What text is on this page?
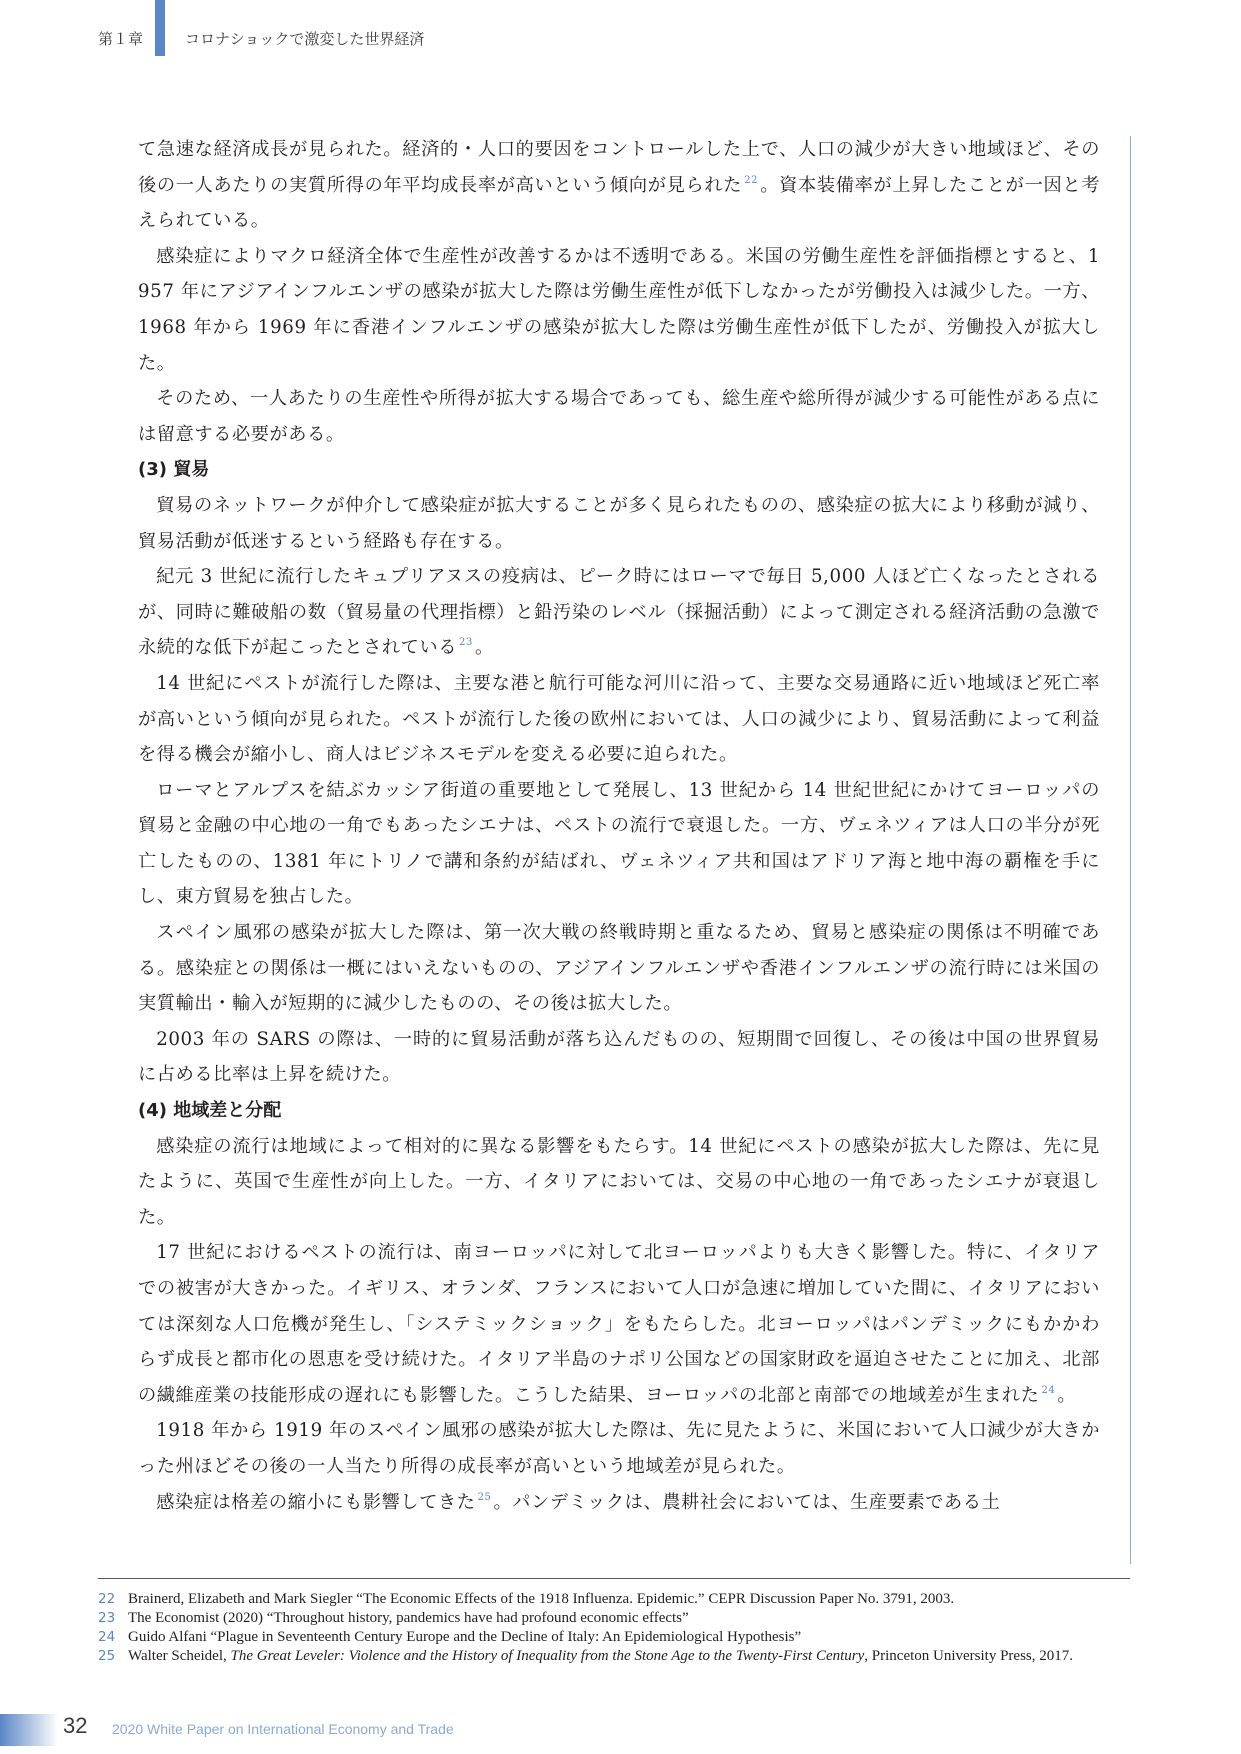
第１章	コロナショックで激変した世界経済

て急速な経済成長が見られた。経済的・人口的要因をコントロールした上で、人口の減少が大きい地域ほど、その後の一人あたりの実質所得の年平均成長率が高いという傾向が見られた $^{22}$ 。資本装備率が上昇したことが一因と考えられている。

感染症によりマクロ経済全体で生産性が改善するかは不透明である。米国の労働生産性を評価指標とすると、1957 年にアジアインフルエンザの感染が拡大した際は労働生産性が低下しなかったが労働投入は減少した。一方、1968 年から 1969 年に香港インフルエンザの感染が拡大した際は労働生産性が低下したが、労働投入が拡大した。

そのため、一人あたりの生産性や所得が拡大する場合であっても、総生産や総所得が減少する可能性がある点には留意する必要がある。

(3) 貿易

貿易のネットワークが仲介して感染症が拡大することが多く見られたものの、感染症の拡大により移動が減り、貿易活動が低迷するという経路も存在する。

紀元 3 世紀に流行したキュプリアヌスの疫病は、ピーク時にはローマで毎日 5,000 人ほど亡くなったとされるが、同時に難破船の数（貿易量の代理指標）と鉛汚染のレベル（採掘活動）によって測定される経済活動の急激で永続的な低下が起こったとされている $^{23}$ 。

14 世紀にペストが流行した際は、主要な港と航行可能な河川に沿って、主要な交易通路に近い地域ほど死亡率が高いという傾向が見られた。ペストが流行した後の欧州においては、人口の減少により、貿易活動によって利益を得る機会が縮小し、商人はビジネスモデルを変える必要に迫られた。

ローマとアルプスを結ぶカッシア街道の重要地として発展し、13 世紀から 14 世紀世紀にかけてヨーロッパの貿易と金融の中心地の一角でもあったシエナは、ペストの流行で衰退した。一方、ヴェネツィアは人口の半分が死亡したものの、1381 年にトリノで講和条約が結ばれ、ヴェネツィア共和国はアドリア海と地中海の覇権を手にし、東方貿易を独占した。

スペイン風邪の感染が拡大した際は、第一次大戦の終戦時期と重なるため、貿易と感染症の関係は不明確である。感染症との関係は一概にはいえないものの、アジアインフルエンザや香港インフルエンザの流行時には米国の実質輸出・輸入が短期的に減少したものの、その後は拡大した。

2003 年の SARS の際は、一時的に貿易活動が落ち込んだものの、短期間で回復し、その後は中国の世界貿易に占める比率は上昇を続けた。

(4) 地域差と分配

感染症の流行は地域によって相対的に異なる影響をもたらす。14 世紀にペストの感染が拡大した際は、先に見たように、英国で生産性が向上した。一方、イタリアにおいては、交易の中心地の一角であったシエナが衰退した。

17 世紀におけるペストの流行は、南ヨーロッパに対して北ヨーロッパよりも大きく影響した。特に、イタリアでの被害が大きかった。イギリス、オランダ、フランスにおいて人口が急速に増加していた間に、イタリアにおいては深刻な人口危機が発生し、「システミックショック」をもたらした。北ヨーロッパはパンデミックにもかかわらず成長と都市化の恩恵を受け続けた。イタリア半島のナポリ公国などの国家財政を逼迫させたことに加え、北部の繊維産業の技能形成の遅れにも影響した。こうした結果、ヨーロッパの北部と南部での地域差が生まれた $^{24}$ 。

1918 年から 1919 年のスペイン風邪の感染が拡大した際は、先に見たように、米国において人口減少が大きかった州ほどその後の一人当たり所得の成長率が高いという地域差が見られた。

感染症は格差の縮小にも影響してきた $^{25}$ 。パンデミックは、農耕社会においては、生産要素である土

22 Brainerd, Elizabeth and Mark Siegler “The Economic Effects of the 1918 Influenza. Epidemic.” CEPR Discussion Paper No. 3791, 2003.
23 The Economist (2020) “Throughout history, pandemics have had profound economic effects”
24 Guido Alfani “Plague in Seventeenth Century Europe and the Decline of Italy: An Epidemiological Hypothesis”
25 Walter Scheidel, The Great Leveler: Violence and the History of Inequality from the Stone Age to the Twenty-First Century, Princeton University Press, 2017.
32 2020 White Paper on International Economy and Trade
